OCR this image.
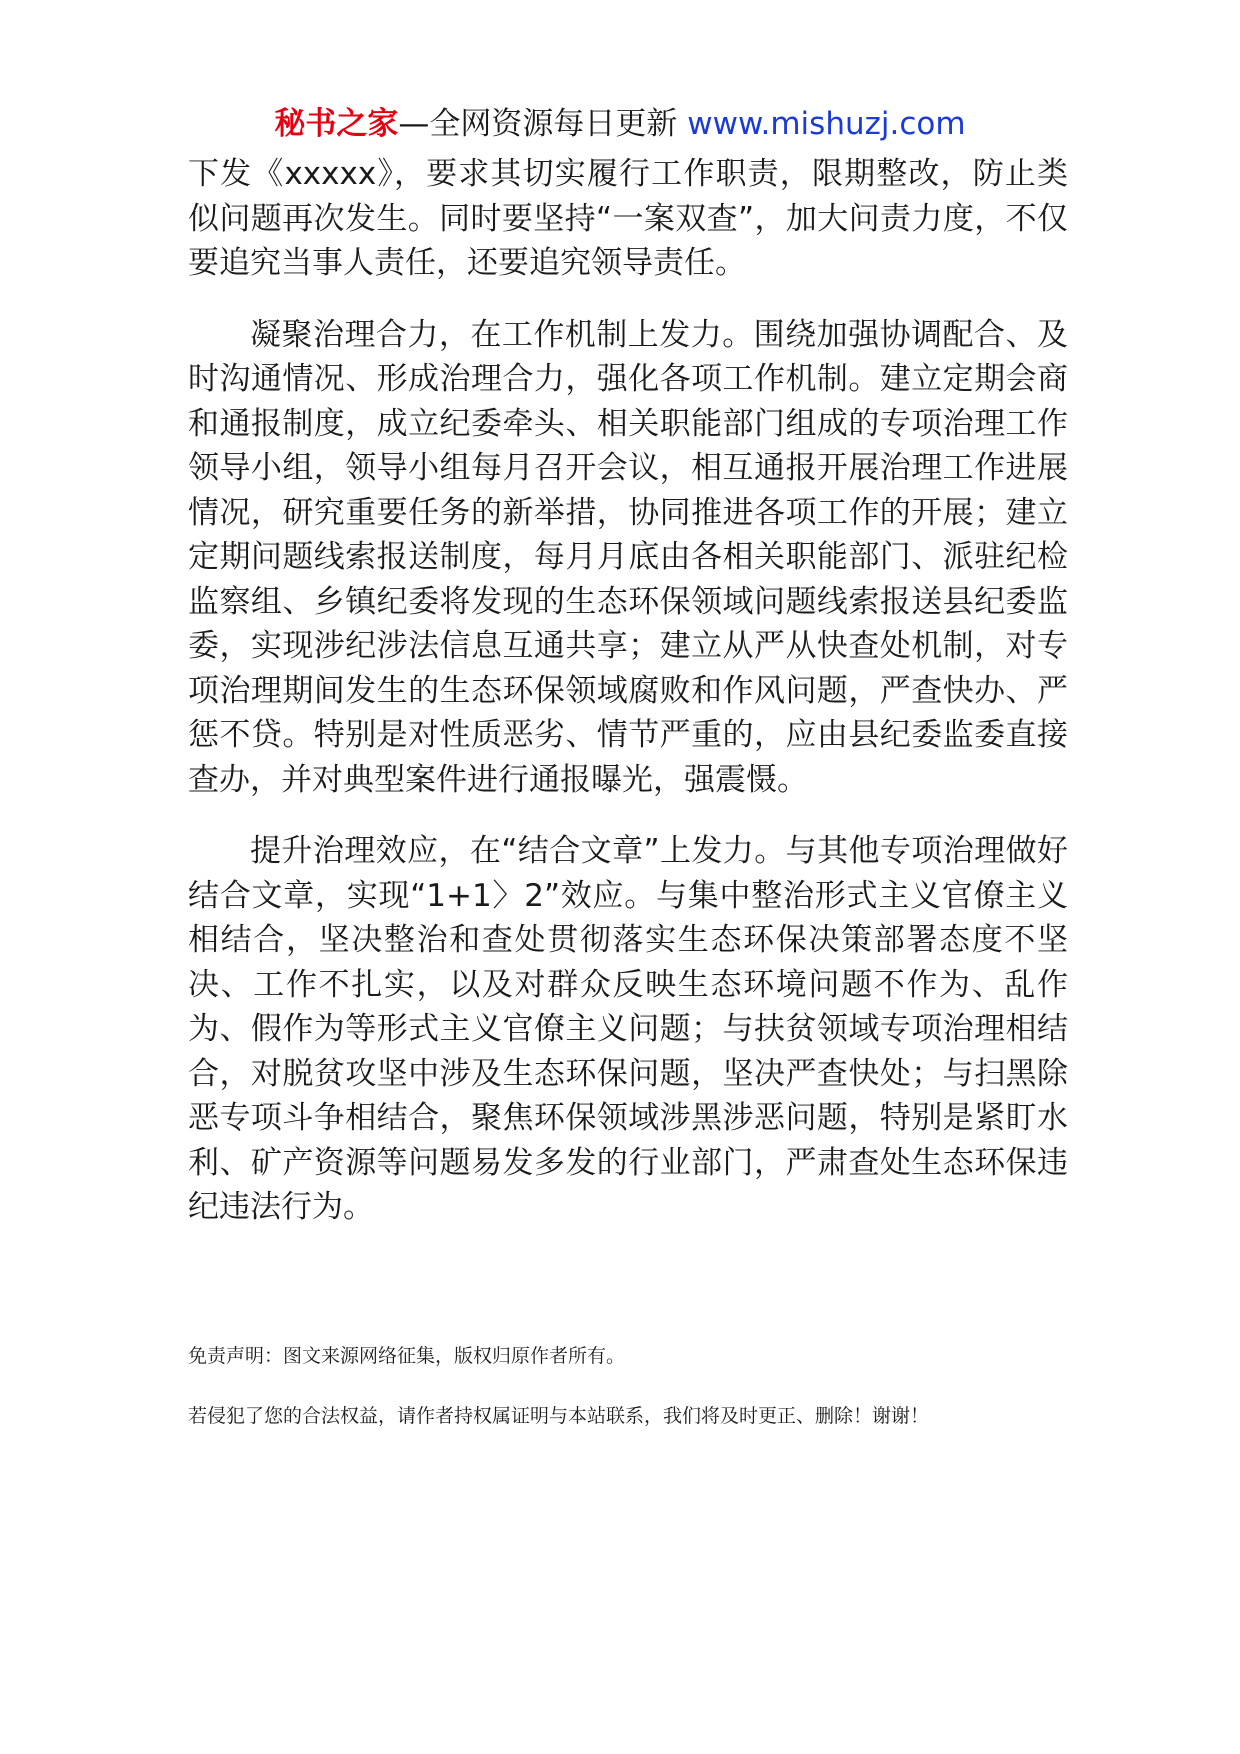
秘书之家—全网资源每日更新 www.mishuzj.com

下发《xxxxx》，要求其切实履行工作职责，限期整改，防止类似问题再次发生。同时要坚持“一案双查”，加大问责力度，不仅要追究当事人责任，还要追究领导责任。

凝聚治理合力，在工作机制上发力。围绕加强协调配合、及时沟通情况、形成治理合力，强化各项工作机制。建立定期会商和通报制度，成立纪委牵头、相关职能部门组成的专项治理工作领导小组，领导小组每月召开会议，相互通报开展治理工作进展情况，研究重要任务的新举措，协同推进各项工作的开展；建立定期问题线索报送制度，每月月底由各相关职能部门、派驻纪检监察组、乡镇纪委将发现的生态环保领域问题线索报送县纪委监委，实现涉纪涉法信息互通共享；建立从严从快查处机制，对专项治理期间发生的生态环保领域腐败和作风问题，严查快办、严惩不贷。特别是对性质恶劣、情节严重的，应由县纪委监委直接查办，并对典型案件进行通报曝光，强震慑。

提升治理效应，在“结合文章”上发力。与其他专项治理做好结合文章，实现“1+1〉2”效应。与集中整治形式主义官僚主义相结合，坚决整治和查处贯彻落实生态环保决策部署态度不坚决、工作不扎实，以及对群众反映生态环境问题不作为、乱作为、假作为等形式主义官僚主义问题；与扶贫领域专项治理相结合，对脱贫攻坚中涉及生态环保问题，坚决严查快处；与扫黑除恶专项斗争相结合，聚焦环保领域涉黑涉恶问题，特别是紧盯水利、矿产资源等问题易发多发的行业部门，严肃查处生态环保违纪违法行为。

免责声明：图文来源网络征集，版权归原作者所有。
若侵犯了您的合法权益，请作者持权属证明与本站联系，我们将及时更正、删除！谢谢！
